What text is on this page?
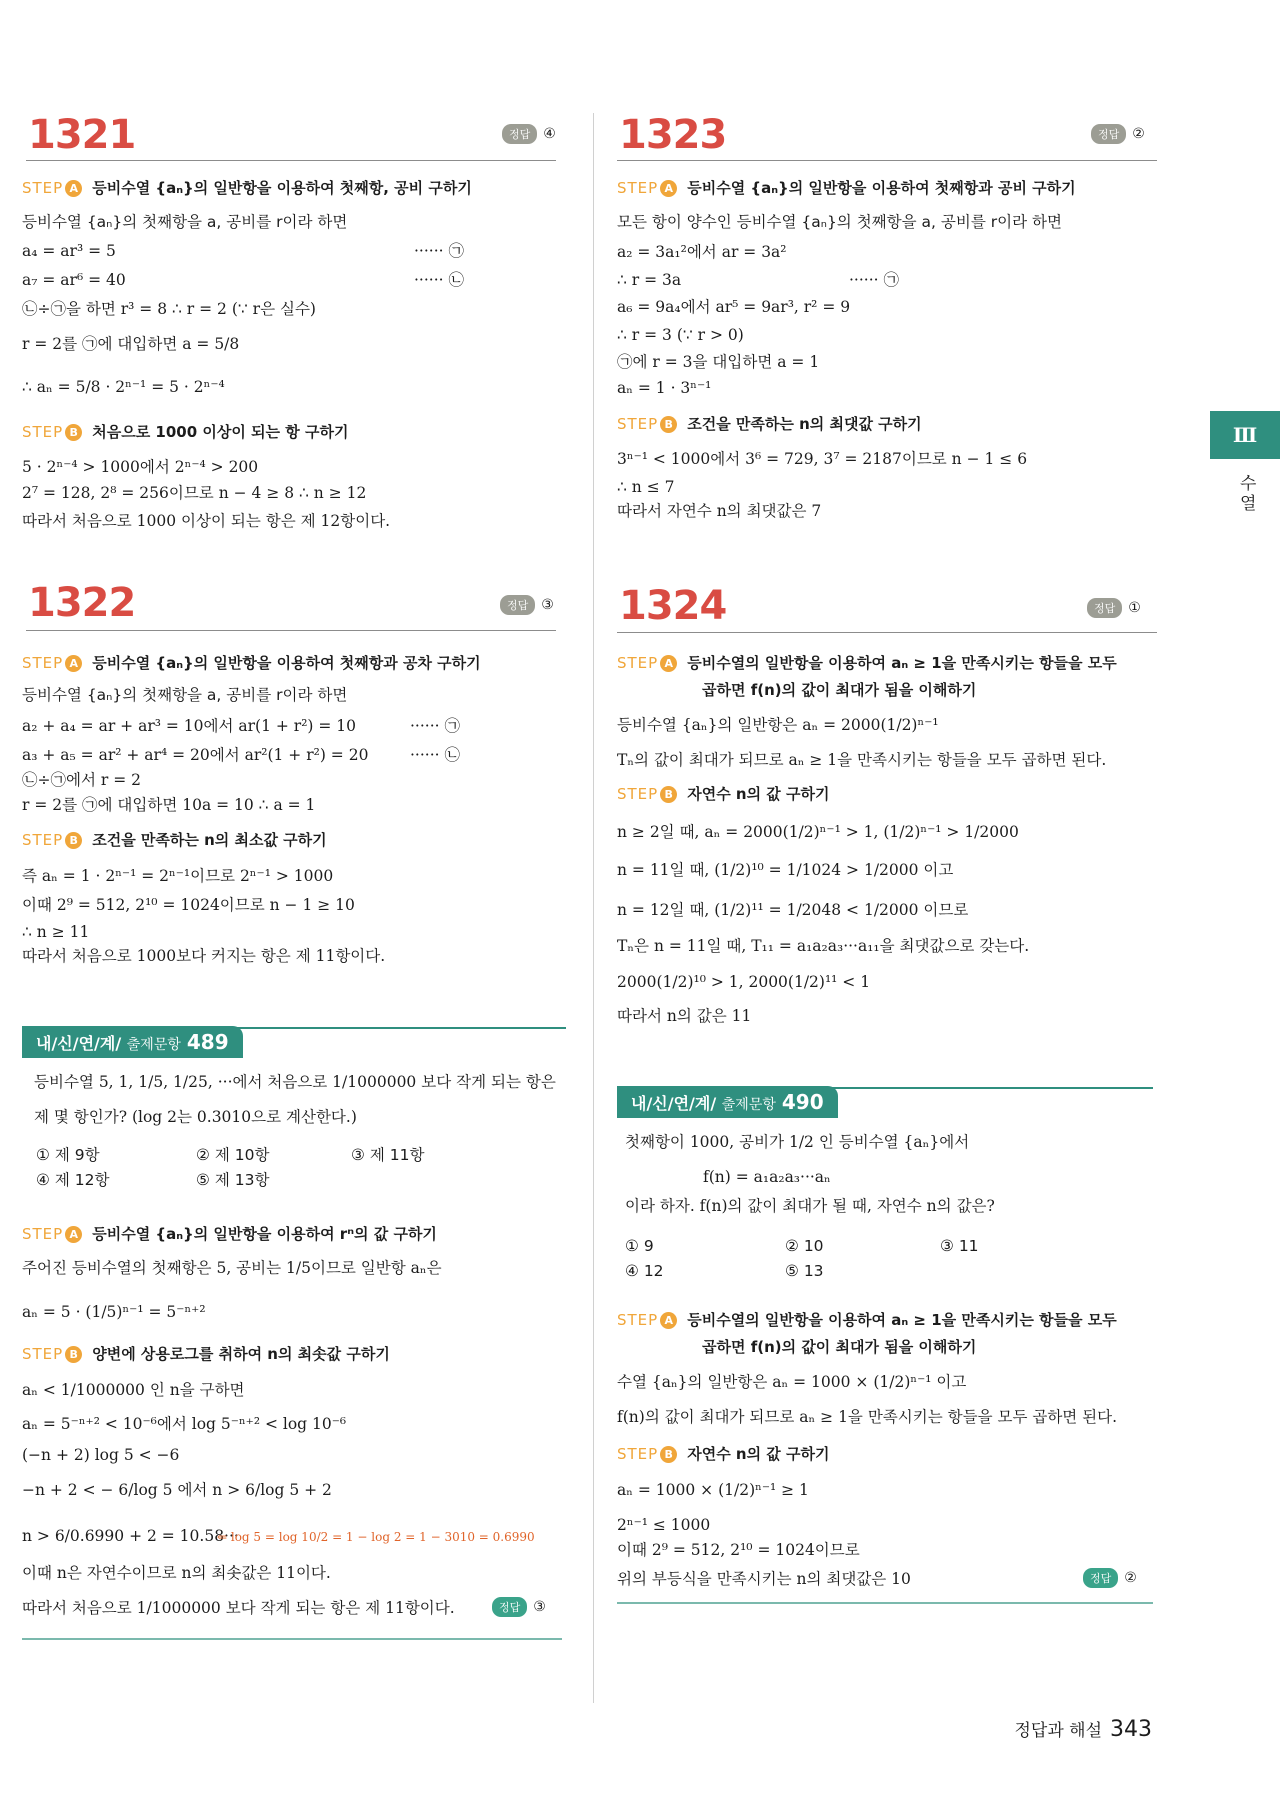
1321	정답 ④
STEP A 등비수열 {aₙ}의 일반항을 이용하여 첫째항, 공비 구하기
등비수열 {aₙ}의 첫째항을 a, 공비를 r이라 하면
a₄ = ar³ = 5	······ ㉠
a₇ = ar⁶ = 40	······ ㉡
㉡÷㉠을 하면 r³ = 8 ∴ r = 2 (∵ r은 실수)
r = 2를 ㉠에 대입하면 a = 5/8
∴ aₙ = 5/8 · 2ⁿ⁻¹ = 5 · 2ⁿ⁻⁴
STEP B 처음으로 1000 이상이 되는 항 구하기
5 · 2ⁿ⁻⁴ > 1000에서 2ⁿ⁻⁴ > 200
2⁷ = 128, 2⁸ = 256이므로 n − 4 ≥ 8 ∴ n ≥ 12
따라서 처음으로 1000 이상이 되는 항은 제 12항이다.
1322	정답 ③
STEP A 등비수열 {aₙ}의 일반항을 이용하여 첫째항과 공차 구하기
등비수열 {aₙ}의 첫째항을 a, 공비를 r이라 하면
a₂ + a₄ = ar + ar³ = 10에서 ar(1 + r²) = 10	······ ㉠
a₃ + a₅ = ar² + ar⁴ = 20에서 ar²(1 + r²) = 20	······ ㉡
㉡÷㉠에서 r = 2
r = 2를 ㉠에 대입하면 10a = 10 ∴ a = 1
STEP B 조건을 만족하는 n의 최소값 구하기
즉 aₙ = 1 · 2ⁿ⁻¹ = 2ⁿ⁻¹이므로 2ⁿ⁻¹ > 1000
이때 2⁹ = 512, 2¹⁰ = 1024이므로 n − 1 ≥ 10
∴ n ≥ 11
따라서 처음으로 1000보다 커지는 항은 제 11항이다.
내/신/연/계/ 출제문항 489
등비수열 5, 1, 1/5, 1/25, ···에서 처음으로 1/1000000 보다 작게 되는 항은
제 몇 항인가? (log 2는 0.3010으로 계산한다.)
① 제 9항	② 제 10항	③ 제 11항
④ 제 12항	⑤ 제 13항
STEP A 등비수열 {aₙ}의 일반항을 이용하여 rⁿ의 값 구하기
주어진 등비수열의 첫째항은 5, 공비는 1/5이므로 일반항 aₙ은
aₙ = 5 · (1/5)ⁿ⁻¹ = 5⁻ⁿ⁺²
STEP B 양변에 상용로그를 취하여 n의 최솟값 구하기
aₙ < 1/1000000 인 n을 구하면
aₙ = 5⁻ⁿ⁺² < 10⁻⁶에서 log 5⁻ⁿ⁺² < log 10⁻⁶
(−n + 2) log 5 < −6
−n + 2 < − 6/log 5 에서 n > 6/log 5 + 2
n > 6/0.6990 + 2 = 10.58···
⇐ log 5 = log 10/2 = 1 − log 2 = 1 − 3010 = 0.6990
이때 n은 자연수이므로 n의 최솟값은 11이다.
따라서 처음으로 1/1000000 보다 작게 되는 항은 제 11항이다.	정답 ③
1323	정답 ②
STEP A 등비수열 {aₙ}의 일반항을 이용하여 첫째항과 공비 구하기
모든 항이 양수인 등비수열 {aₙ}의 첫째항을 a, 공비를 r이라 하면
a₂ = 3a₁²에서 ar = 3a²
∴ r = 3a	······ ㉠
a₆ = 9a₄에서 ar⁵ = 9ar³, r² = 9
∴ r = 3 (∵ r > 0)
㉠에 r = 3을 대입하면 a = 1
aₙ = 1 · 3ⁿ⁻¹
STEP B 조건을 만족하는 n의 최댓값 구하기
3ⁿ⁻¹ < 1000에서 3⁶ = 729, 3⁷ = 2187이므로 n − 1 ≤ 6
∴ n ≤ 7
따라서 자연수 n의 최댓값은 7
1324	정답 ①
STEP A 등비수열의 일반항을 이용하여 aₙ ≥ 1을 만족시키는 항들을 모두
곱하면 f(n)의 값이 최대가 됨을 이해하기
등비수열 {aₙ}의 일반항은 aₙ = 2000(1/2)ⁿ⁻¹
Tₙ의 값이 최대가 되므로 aₙ ≥ 1을 만족시키는 항들을 모두 곱하면 된다.
STEP B 자연수 n의 값 구하기
n ≥ 2일 때, aₙ = 2000(1/2)ⁿ⁻¹ > 1, (1/2)ⁿ⁻¹ > 1/2000
n = 11일 때, (1/2)¹⁰ = 1/1024 > 1/2000 이고
n = 12일 때, (1/2)¹¹ = 1/2048 < 1/2000 이므로
Tₙ은 n = 11일 때, T₁₁ = a₁a₂a₃···a₁₁을 최댓값으로 갖는다.
2000(1/2)¹⁰ > 1, 2000(1/2)¹¹ < 1
따라서 n의 값은 11
내/신/연/계/ 출제문항 490
첫째항이 1000, 공비가 1/2 인 등비수열 {aₙ}에서
f(n) = a₁a₂a₃···aₙ
이라 하자. f(n)의 값이 최대가 될 때, 자연수 n의 값은?
① 9	② 10	③ 11
④ 12	⑤ 13
STEP A 등비수열의 일반항을 이용하여 aₙ ≥ 1을 만족시키는 항들을 모두
곱하면 f(n)의 값이 최대가 됨을 이해하기
수열 {aₙ}의 일반항은 aₙ = 1000 × (1/2)ⁿ⁻¹ 이고
f(n)의 값이 최대가 되므로 aₙ ≥ 1을 만족시키는 항들을 모두 곱하면 된다.
STEP B 자연수 n의 값 구하기
aₙ = 1000 × (1/2)ⁿ⁻¹ ≥ 1
2ⁿ⁻¹ ≤ 1000
이때 2⁹ = 512, 2¹⁰ = 1024이므로
위의 부등식을 만족시키는 n의 최댓값은 10	정답 ②
Ⅲ
수열
정답과 해설 343
